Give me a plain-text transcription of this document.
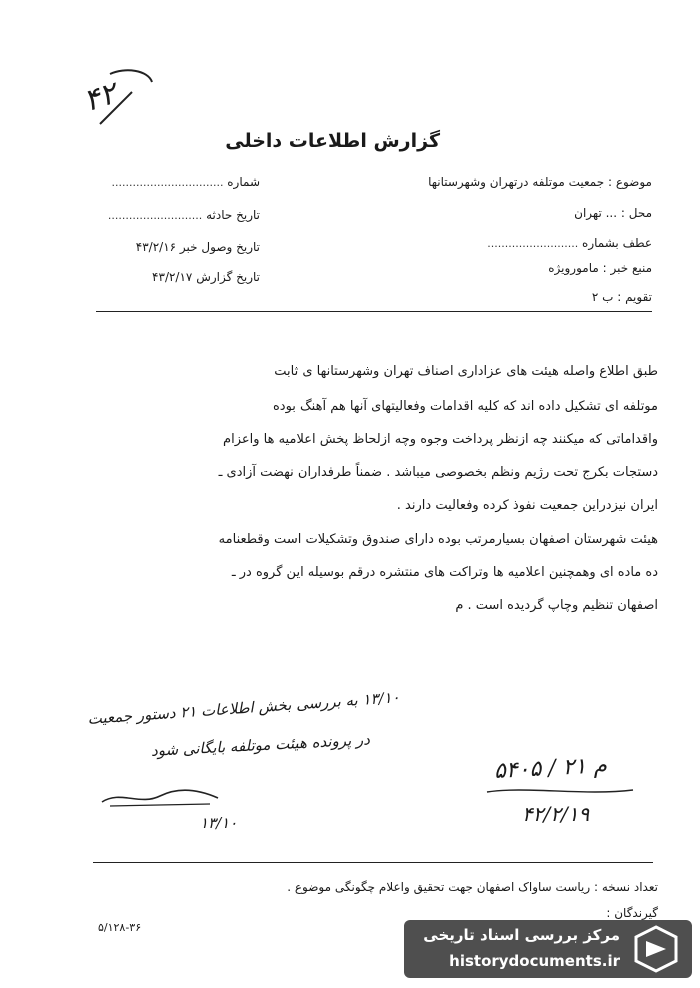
۴۲
گزارش اطلاعات داخلی
موضوع : جمعیت موتلفه درتهران وشهرستانها
محل : ... تهران
عطف بشماره ..........................
منبع خبر : مامورویژه
تقویم : ب ۲
شماره ................................
تاریخ حادثه ...........................
تاریخ وصول خبر ۴۳/۲/۱۶
تاریخ گزارش ۴۳/۲/۱۷
طبق اطلاع واصله هیئت های عزاداری اصناف تهران وشهرستانها ی ثابت
موتلفه ای تشکیل داده اند که کلیه اقدامات وفعالیتهای آنها هم آهنگ بوده
واقداماتی که میکنند چه ازنظر پرداخت وجوه وچه ازلحاظ پخش اعلامیه ها واعزام
دستجات بکرج تحت رژیم ونظم بخصوصی میباشد . ضمناً طرفداران نهضت آزادی ـ
ایران نیزدراین جمعیت نفوذ کرده وفعالیت دارند .
هیئت شهرستان اصفهان بسیارمرتب بوده دارای صندوق وتشکیلات است وقطعنامه
ده ماده ای وهمچنین اعلامیه ها وتراکت های منتشره درقم بوسیله این گروه در ـ
اصفهان تنظیم وچاپ گردیده است . م
۱۳/۱۰ به بررسی بخش اطلاعات ۲۱ دستور جمعیت
در پرونده هیئت موتلفه بایگانی شود
۱۳/۱۰
۵۴۰۵ / ۲۱ م
۴۲/۲/۱۹
تعداد نسخه : ریاست ساواک اصفهان جهت تحقیق واعلام چگونگی موضوع .
گیرندگان :
۵/۱۲۸-۳۶	مرکز بررسی اسناد تاریخی
historydocuments.ir
